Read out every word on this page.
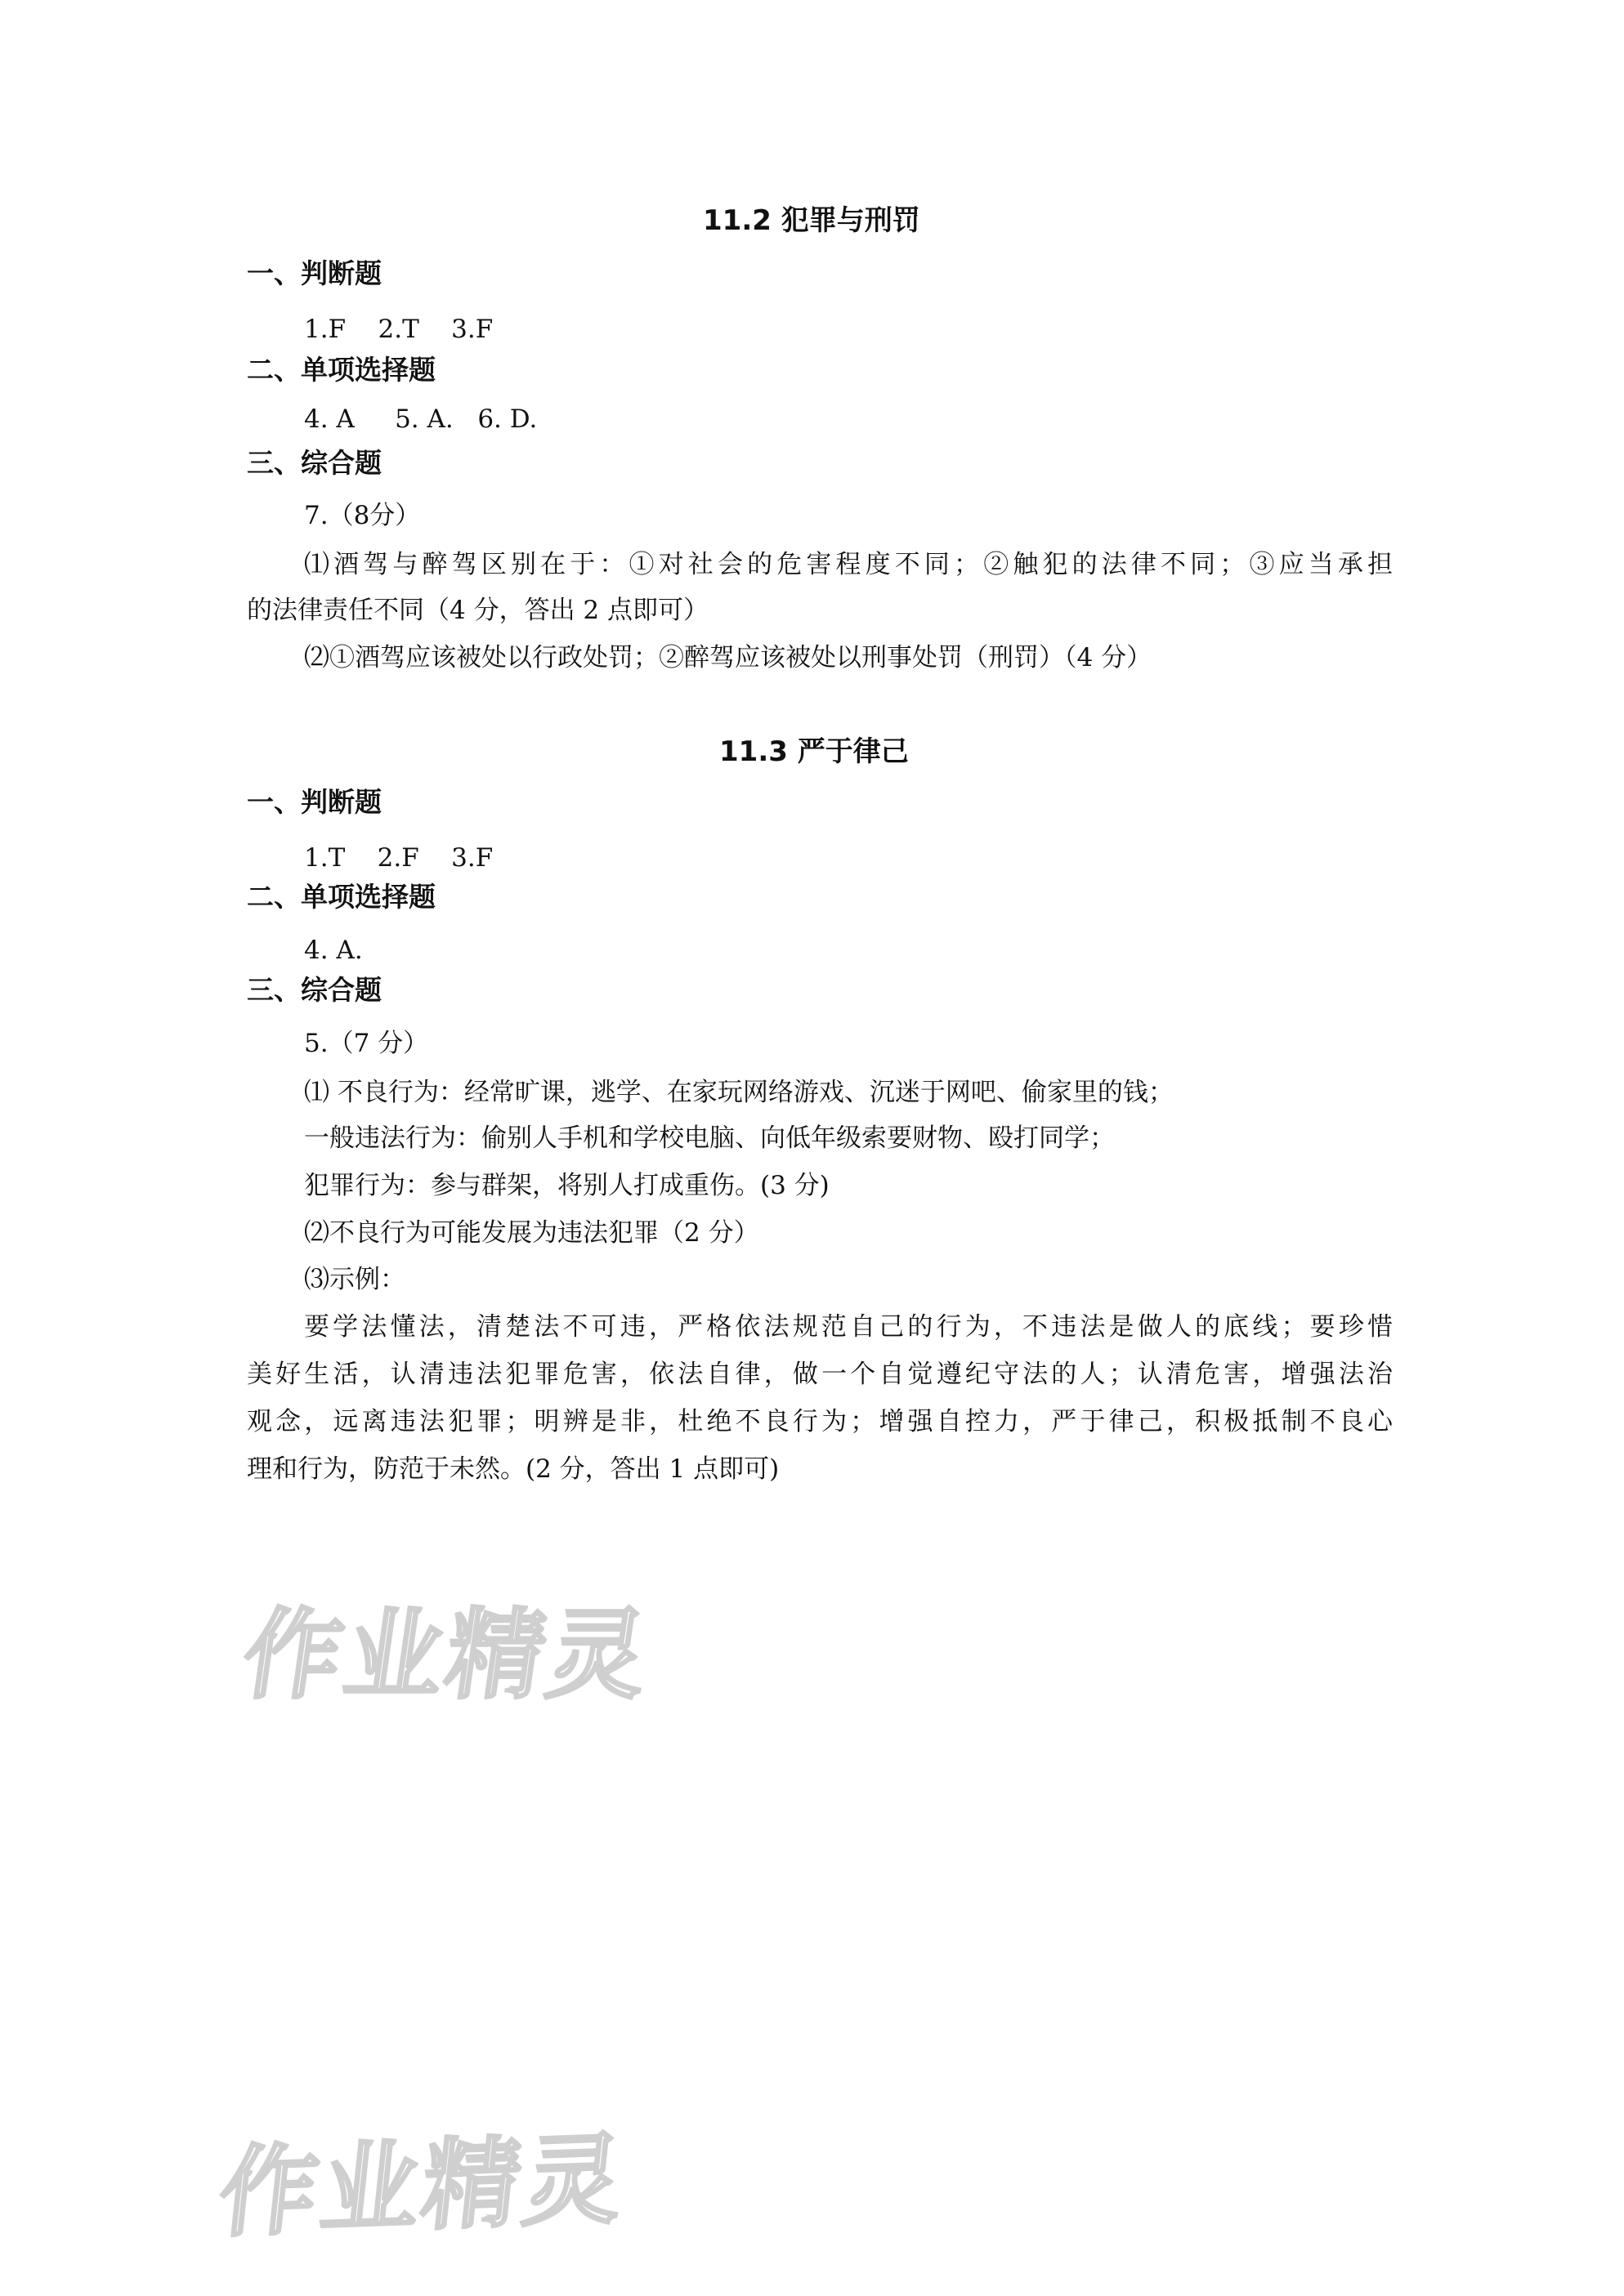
11.2 犯罪与刑罚
一、判断题
1.F    2.T    3.F
二、单项选择题
4. A     5. A.   6. D.
三、综合题
7.（8分）
⑴酒驾与醉驾区别在于：①对社会的危害程度不同；②触犯的法律不同；③应当承担
的法律责任不同（4 分，答出 2 点即可）
⑵①酒驾应该被处以行政处罚；②醉驾应该被处以刑事处罚（刑罚）（4 分）
11.3 严于律己
一、判断题
1.T    2.F    3.F
二、单项选择题
4. A.
三、综合题
5.（7 分）
⑴ 不良行为：经常旷课，逃学、在家玩网络游戏、沉迷于网吧、偷家里的钱；
一般违法行为：偷别人手机和学校电脑、向低年级索要财物、殴打同学；
犯罪行为：参与群架，将别人打成重伤。(3 分)
⑵不良行为可能发展为违法犯罪（2 分）
⑶示例：
要学法懂法，清楚法不可违，严格依法规范自己的行为，不违法是做人的底线；要珍惜
美好生活，认清违法犯罪危害，依法自律，做一个自觉遵纪守法的人；认清危害，增强法治
观念，远离违法犯罪；明辨是非，杜绝不良行为；增强自控力，严于律己，积极抵制不良心
理和行为，防范于未然。(2 分，答出 1 点即可)
作业精灵
作业精灵
